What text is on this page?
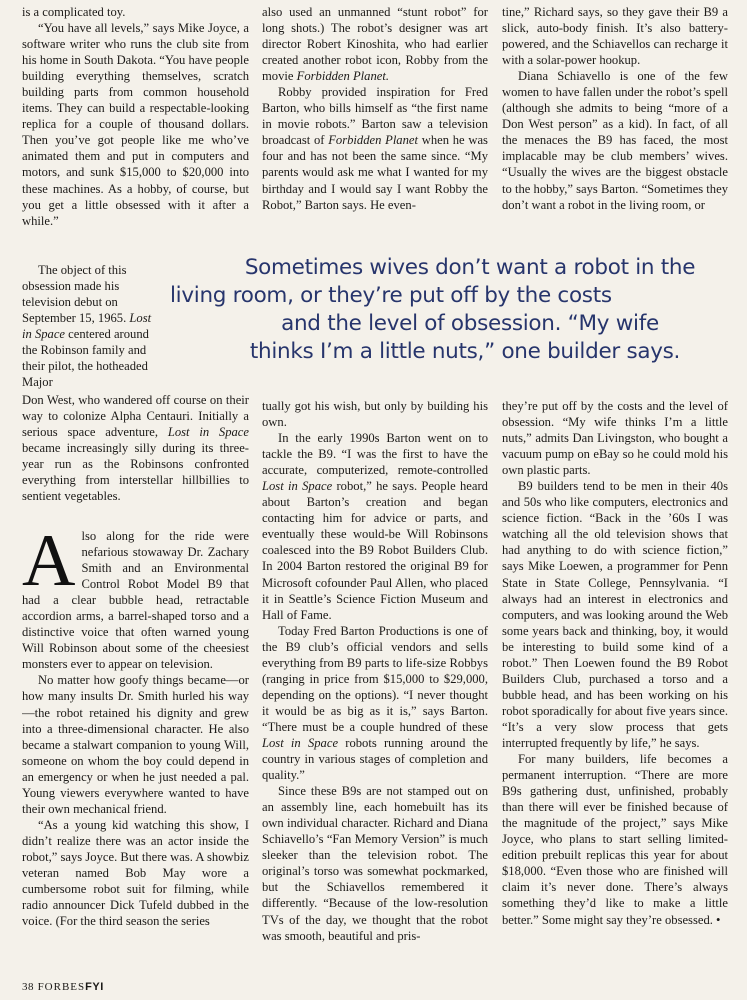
is a complicated toy.

“You have all levels,” says Mike Joyce, a software writer who runs the club site from his home in South Dakota. “You have people building everything themselves, scratch building parts from common household items. They can build a respectable-looking replica for a couple of thousand dollars. Then you’ve got people like me who’ve animated them and put in computers and motors, and sunk $15,000 to $20,000 into these machines. As a hobby, of course, but you get a little obsessed with it after a while.”

The object of this obsession made his television debut on September 15, 1965. Lost in Space centered around the Robinson family and their pilot, the hotheaded Major

Don West, who wandered off course on their way to colonize Alpha Centauri. Initially a serious space adventure, Lost in Space became increasingly silly during its three-year run as the Robinsons confronted everything from interstellar hillbillies to sentient vegetables.

Also along for the ride were nefarious stowaway Dr. Zachary Smith and an Environmental Control Robot Model B9 that had a clear bubble head, retractable accordion arms, a barrel-shaped torso and a distinctive voice that often warned young Will Robinson about some of the cheesiest monsters ever to appear on television.

No matter how goofy things became—or how many insults Dr. Smith hurled his way—the robot retained his dignity and grew into a three-dimensional character. He also became a stalwart companion to young Will, someone on whom the boy could depend in an emergency or when he just needed a pal. Young viewers everywhere wanted to have their own mechanical friend.

“As a young kid watching this show, I didn’t realize there was an actor inside the robot,” says Joyce. But there was. A showbiz veteran named Bob May wore a cumbersome robot suit for filming, while radio announcer Dick Tufeld dubbed in the voice. (For the third season the series

also used an unmanned “stunt robot” for long shots.) The robot’s designer was art director Robert Kinoshita, who had earlier created another robot icon, Robby from the movie Forbidden Planet.

Robby provided inspiration for Fred Barton, who bills himself as “the first name in movie robots.” Barton saw a television broadcast of Forbidden Planet when he was four and has not been the same since. “My parents would ask me what I wanted for my birthday and I would say I want Robby the Robot,” Barton says. He even-

tine,” Richard says, so they gave their B9 a slick, auto-body finish. It’s also battery-powered, and the Schiavellos can recharge it with a solar-power hookup.

Diana Schiavello is one of the few women to have fallen under the robot’s spell (although she admits to being “more of a Don West person” as a kid). In fact, of all the menaces the B9 has faced, the most implacable may be club members’ wives. “Usually the wives are the biggest obstacle to the hobby,” says Barton. “Sometimes they don’t want a robot in the living room, or

Sometimes wives don’t want a robot in the
living room, or they’re put off by the costs
and the level of obsession. “My wife
thinks I’m a little nuts,” one builder says.

tually got his wish, but only by building his own.

In the early 1990s Barton went on to tackle the B9. “I was the first to have the accurate, computerized, remote-controlled Lost in Space robot,” he says. People heard about Barton’s creation and began contacting him for advice or parts, and eventually these would-be Will Robinsons coalesced into the B9 Robot Builders Club. In 2004 Barton restored the original B9 for Microsoft cofounder Paul Allen, who placed it in Seattle’s Science Fiction Museum and Hall of Fame.

Today Fred Barton Productions is one of the B9 club’s official vendors and sells everything from B9 parts to life-size Robbys (ranging in price from $15,000 to $29,000, depending on the options). “I never thought it would be as big as it is,” says Barton. “There must be a couple hundred of these Lost in Space robots running around the country in various stages of completion and quality.”

Since these B9s are not stamped out on an assembly line, each homebuilt has its own individual character. Richard and Diana Schiavello’s “Fan Memory Version” is much sleeker than the television robot. The original’s torso was somewhat pockmarked, but the Schiavellos remembered it differently. “Because of the low-resolution TVs of the day, we thought that the robot was smooth, beautiful and pris-

they’re put off by the costs and the level of obsession. “My wife thinks I’m a little nuts,” admits Dan Livingston, who bought a vacuum pump on eBay so he could mold his own plastic parts.

B9 builders tend to be men in their 40s and 50s who like computers, electronics and science fiction. “Back in the ’60s I was watching all the old television shows that had anything to do with science fiction,” says Mike Loewen, a programmer for Penn State in State College, Pennsylvania. “I always had an interest in electronics and computers, and was looking around the Web some years back and thinking, boy, it would be interesting to build some kind of a robot.” Then Loewen found the B9 Robot Builders Club, purchased a torso and a bubble head, and has been working on his robot sporadically for about five years since. “It’s a very slow process that gets interrupted frequently by life,” he says.

For many builders, life becomes a permanent interruption. “There are more B9s gathering dust, unfinished, probably than there will ever be finished because of the magnitude of the project,” says Mike Joyce, who plans to start selling limited-edition prebuilt replicas this year for about $18,000. “Even those who are finished will claim it’s never done. There’s always something they’d like to make a little better.” Some might say they’re obsessed. •

38 FORBESFYI
